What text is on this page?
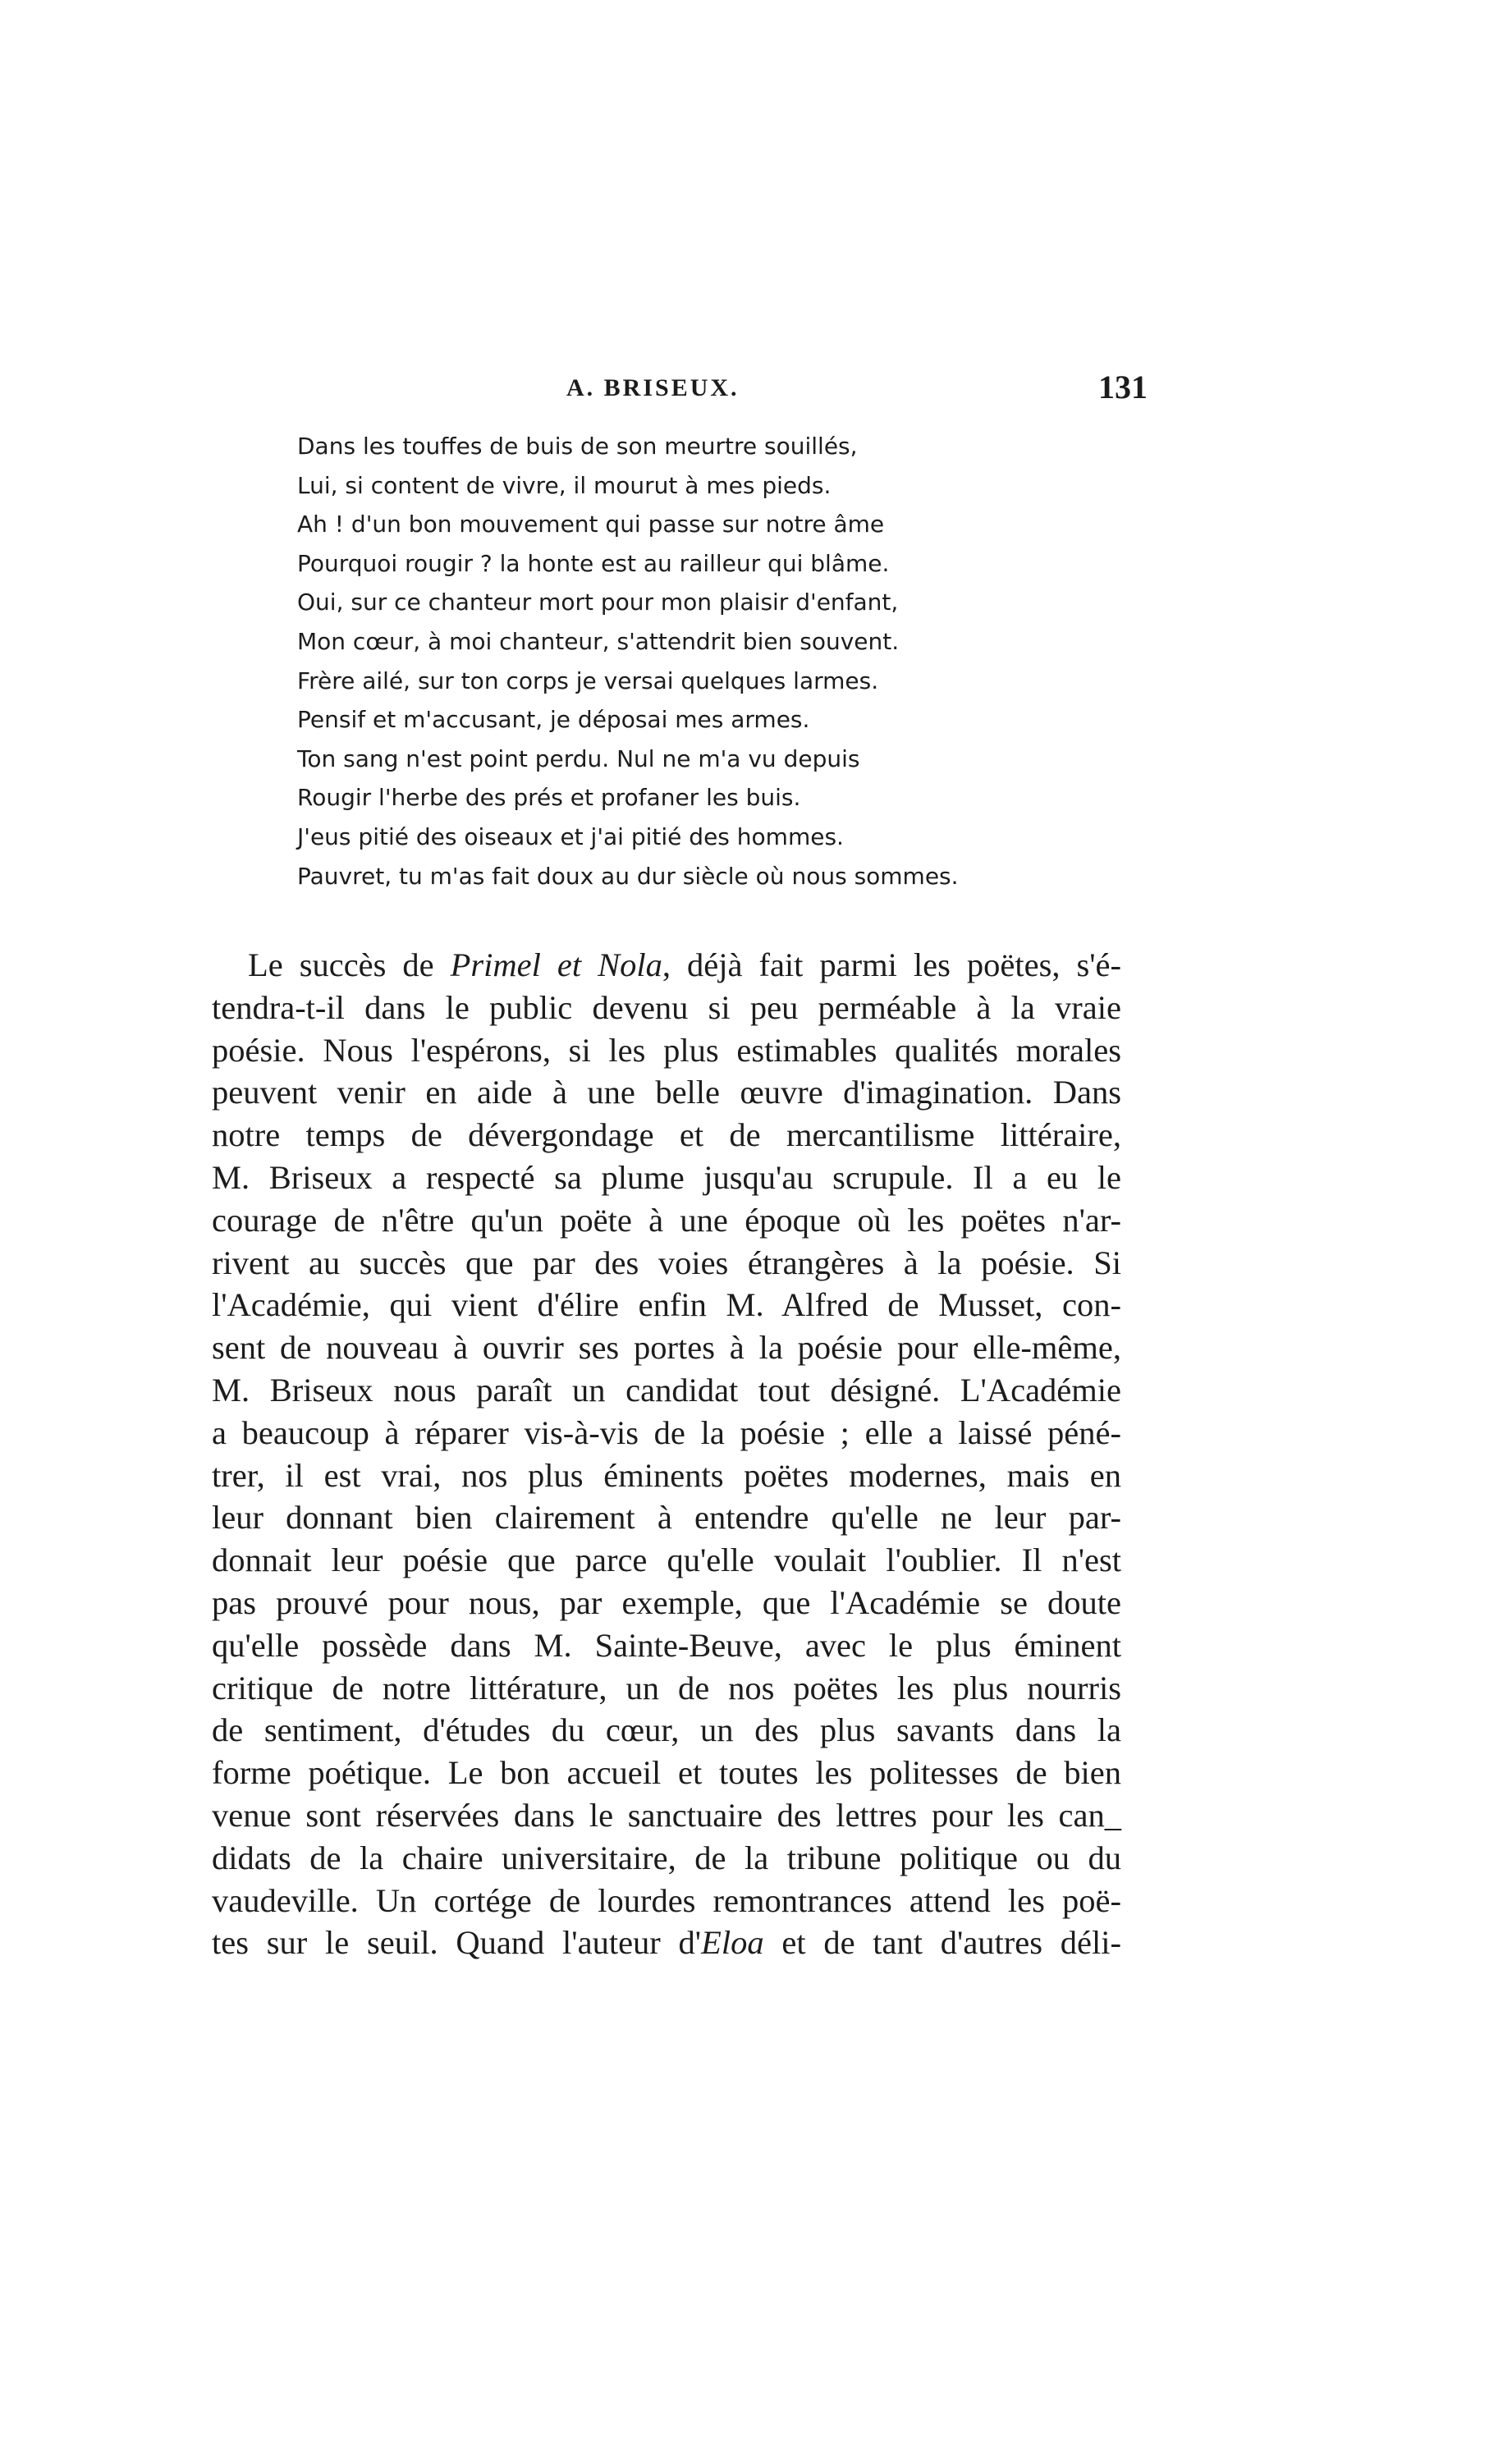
A. BRISEUX.	131
Dans les touffes de buis de son meurtre souillés,
Lui, si content de vivre, il mourut à mes pieds.
Ah ! d'un bon mouvement qui passe sur notre âme
Pourquoi rougir ? la honte est au railleur qui blâme.
Oui, sur ce chanteur mort pour mon plaisir d'enfant,
Mon cœur, à moi chanteur, s'attendrit bien souvent.
Frère ailé, sur ton corps je versai quelques larmes.
Pensif et m'accusant, je déposai mes armes.
Ton sang n'est point perdu. Nul ne m'a vu depuis
Rougir l'herbe des prés et profaner les buis.
J'eus pitié des oiseaux et j'ai pitié des hommes.
Pauvret, tu m'as fait doux au dur siècle où nous sommes.
Le succès de Primel et Nola, déjà fait parmi les poëtes, s'é-
tendra-t-il dans le public devenu si peu perméable à la vraie
poésie. Nous l'espérons, si les plus estimables qualités morales
peuvent venir en aide à une belle œuvre d'imagination. Dans
notre temps de dévergondage et de mercantilisme littéraire,
M. Briseux a respecté sa plume jusqu'au scrupule. Il a eu le
courage de n'être qu'un poëte à une époque où les poëtes n'ar-
rivent au succès que par des voies étrangères à la poésie. Si
l'Académie, qui vient d'élire enfin M. Alfred de Musset, con-
sent de nouveau à ouvrir ses portes à la poésie pour elle-même,
M. Briseux nous paraît un candidat tout désigné. L'Académie
a beaucoup à réparer vis-à-vis de la poésie ; elle a laissé péné-
trer, il est vrai, nos plus éminents poëtes modernes, mais en
leur donnant bien clairement à entendre qu'elle ne leur par-
donnait leur poésie que parce qu'elle voulait l'oublier. Il n'est
pas prouvé pour nous, par exemple, que l'Académie se doute
qu'elle possède dans M. Sainte-Beuve, avec le plus éminent
critique de notre littérature, un de nos poëtes les plus nourris
de sentiment, d'études du cœur, un des plus savants dans la
forme poétique. Le bon accueil et toutes les politesses de bien
venue sont réservées dans le sanctuaire des lettres pour les can_
didats de la chaire universitaire, de la tribune politique ou du
vaudeville. Un cortége de lourdes remontrances attend les poë-
tes sur le seuil. Quand l'auteur d'Eloa et de tant d'autres déli-
